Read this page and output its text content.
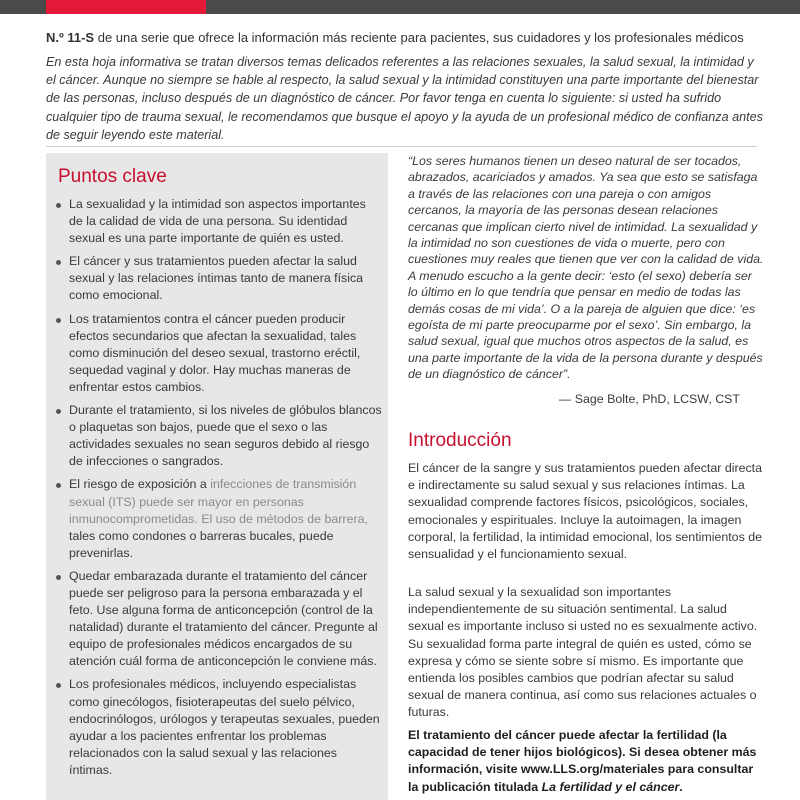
N.º 11-S de una serie que ofrece la información más reciente para pacientes, sus cuidadores y los profesionales médicos

En esta hoja informativa se tratan diversos temas delicados referentes a las relaciones sexuales, la salud sexual, la intimidad y el cáncer. Aunque no siempre se hable al respecto, la salud sexual y la intimidad constituyen una parte importante del bienestar de las personas, incluso después de un diagnóstico de cáncer. Por favor tenga en cuenta lo siguiente: si usted ha sufrido cualquier tipo de trauma sexual, le recomendamos que busque el apoyo y la ayuda de un profesional médico de confianza antes de seguir leyendo este material.

Puntos clave
La sexualidad y la intimidad son aspectos importantes de la calidad de vida de una persona. Su identidad sexual es una parte importante de quién es usted.
El cáncer y sus tratamientos pueden afectar la salud sexual y las relaciones íntimas tanto de manera física como emocional.
Los tratamientos contra el cáncer pueden producir efectos secundarios que afectan la sexualidad, tales como disminución del deseo sexual, trastorno eréctil, sequedad vaginal y dolor. Hay muchas maneras de enfrentar estos cambios.
Durante el tratamiento, si los niveles de glóbulos blancos o plaquetas son bajos, puede que el sexo o las actividades sexuales no sean seguros debido al riesgo de infecciones o sangrados.
El riesgo de exposición a infecciones de transmisión sexual (ITS) puede ser mayor en personas inmunocomprometidas. El uso de métodos de barrera, tales como condones o barreras bucales, puede prevenirlas.
Quedar embarazada durante el tratamiento del cáncer puede ser peligroso para la persona embarazada y el feto. Use alguna forma de anticoncepción (control de la natalidad) durante el tratamiento del cáncer. Pregunte al equipo de profesionales médicos encargados de su atención cuál forma de anticoncepción le conviene más.
Los profesionales médicos, incluyendo especialistas como ginecólogos, fisioterapeutas del suelo pélvico, endocrinólogos, urólogos y terapeutas sexuales, pueden ayudar a los pacientes enfrentar los problemas relacionados con la salud sexual y las relaciones íntimas.

“Los seres humanos tienen un deseo natural de ser tocados, abrazados, acariciados y amados. Ya sea que esto se satisfaga a través de las relaciones con una pareja o con amigos cercanos, la mayoría de las personas desean relaciones cercanas que implican cierto nivel de intimidad. La sexualidad y la intimidad no son cuestiones de vida o muerte, pero con cuestiones muy reales que tienen que ver con la calidad de vida. A menudo escucho a la gente decir: ‘esto (el sexo) debería ser lo último en lo que tendría que pensar en medio de todas las demás cosas de mi vida’. O a la pareja de alguien que dice: ‘es egoísta de mi parte preocuparme por el sexo’. Sin embargo, la salud sexual, igual que muchos otros aspectos de la salud, es una parte importante de la vida de la persona durante y después de un diagnóstico de cáncer”.

— Sage Bolte, PhD, LCSW, CST
Introducción

El cáncer de la sangre y sus tratamientos pueden afectar directa e indirectamente su salud sexual y sus relaciones íntimas. La sexualidad comprende factores físicos, psicológicos, sociales, emocionales y espirituales. Incluye la autoimagen, la imagen corporal, la fertilidad, la intimidad emocional, los sentimientos de sensualidad y el funcionamiento sexual.

La salud sexual y la sexualidad son importantes independientemente de su situación sentimental. La salud sexual es importante incluso si usted no es sexualmente activo. Su sexualidad forma parte integral de quién es usted, cómo se expresa y cómo se siente sobre sí mismo. Es importante que entienda los posibles cambios que podrían afectar su salud sexual de manera continua, así como sus relaciones actuales o futuras.

El tratamiento del cáncer puede afectar la fertilidad (la capacidad de tener hijos biológicos). Si desea obtener más información, visite www.LLS.org/materiales para consultar la publicación titulada La fertilidad y el cáncer.
